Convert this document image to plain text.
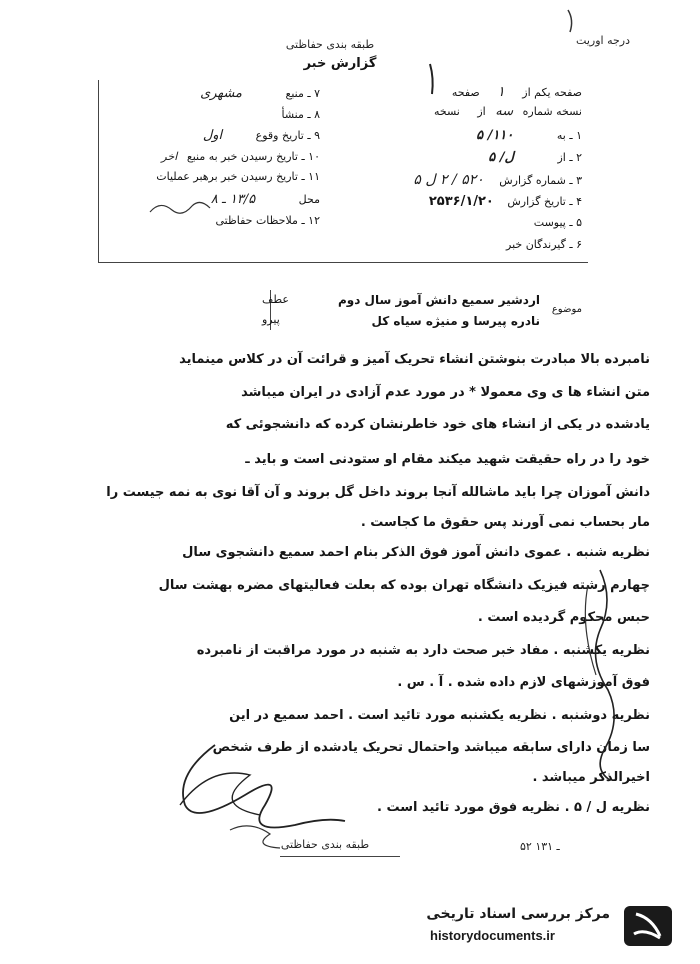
درجه اوریت
طبقه بندی حفاظتی
گزارش خبر
۷ ـ منبع مشهری
۸ ـ منشأ
۹ ـ تاریخ وقوع اول
۱۰ ـ تاریخ رسیدن خبر به منبع اخر
۱۱ ـ تاریخ رسیدن خبر برهبر عملیات
محل ۱۳/۵ ـ ۸
۱۲ ـ ملاحظات حفاظتی
صفحه یکم از ۱ صفحه
نسخه شماره سه از نسخه
۱ ـ به ۱۱۰/ ۵
۲ ـ از ل/ ۵
۳ ـ شماره گزارش ۵۲۰ / ۲ ل ۵
۴ ـ تاریخ گزارش ۲۵۳۶/۱/۲۰
۵ ـ پیوست
۶ ـ گیرندگان خبر
عطف
پیرو
موضوع
اردشیر سمیع دانش آموز سال دوم
نادره پیرسا و منیژه سیاه کل
نامبرده بالا مبادرت بنوشتن انشاء تحریک آمیز و قرائت آن در کلاس مینماید
متن انشاء ها ی وی معمولا * در مورد عدم آزادی در ایران میباشد
یادشده در یکی از انشاء های خود خاطرنشان کرده که دانشجوئی که
خود را در راه حقیقت شهید میکند مقام او ستودنی است و باید ـ
دانش آموزان چرا باید ماشالله آنجا بروند داخل گل بروند و آن آقا نوی به نمه جیست را
مار بحساب نمی آورند پس حقوق ما کجاست .
نظریه شنبه . عموی دانش آموز فوق الذکر بنام احمد سمیع دانشجوی سال
چهارم رشته فیزیک دانشگاه تهران بوده که بعلت فعالیتهای مضره بهشت سال
حبس محکوم گردیده است .
نظریه یکشنبه . مفاد خبر صحت دارد به شنبه در مورد مراقبت از نامبرده
فوق آموزشهای لازم داده شده . آ . س .
نظریه دوشنبه . نظریه یکشنبه مورد تائید است . احمد سمیع در این
سا زمان دارای سابقه میباشد واحتمال تحریک یادشده از طرف شخص
اخیرالذکر میباشد .
نظریه ل / ۵ . نظریه فوق مورد تائید است .
طبقه بندی حفاظتی	۵۲ ـ ۱۳۱
مرکز بررسی اسناد تاریخی
historydocuments.ir
